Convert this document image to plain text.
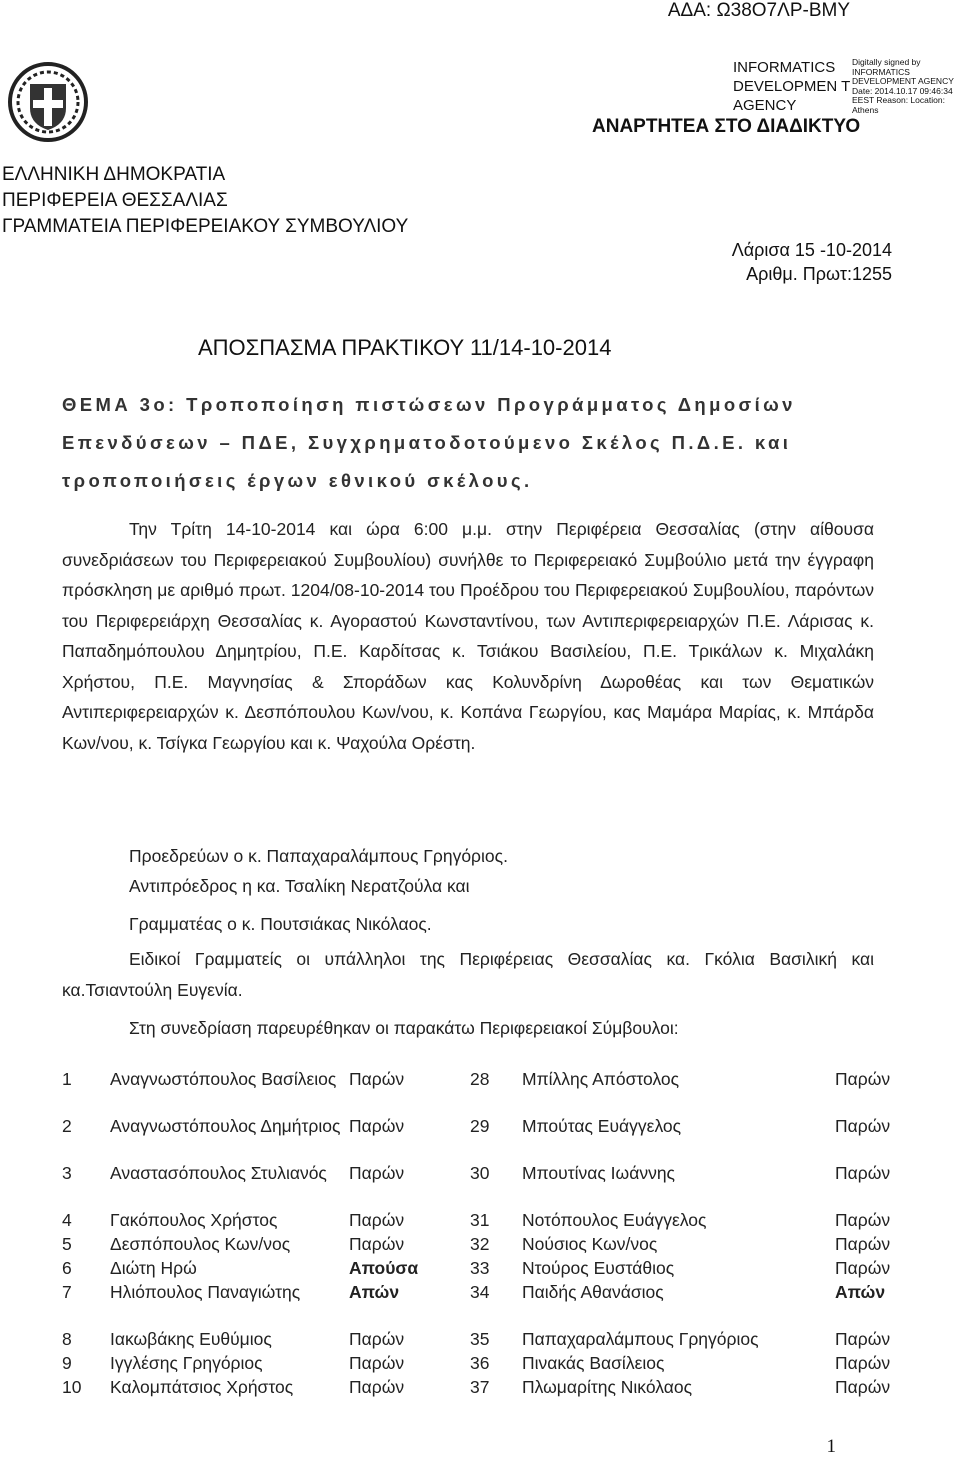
ΑΔΑ: Ω38Ο7ΛΡ-ΒΜΥ
INFORMATICS DEVELOPMEN T AGENCY
Digitally signed by INFORMATICS DEVELOPMENT AGENCY Date: 2014.10.17 09:46:34 EEST Reason: Location: Athens
ΑΝΑΡΤΗΤΕΑ ΣΤΟ ΔΙΑΔΙΚΤΥΟ
ΕΛΛΗΝΙΚΗ ΔΗΜΟΚΡΑΤΙΑ
ΠΕΡΙΦΕΡΕΙΑ ΘΕΣΣΑΛΙΑΣ
ΓΡΑΜΜΑΤΕΙΑ ΠΕΡΙΦΕΡΕΙΑΚΟΥ ΣΥΜΒΟΥΛΙΟΥ
Λάρισα 15 -10-2014
Αριθμ. Πρωτ:1255
ΑΠΟΣΠΑΣΜΑ ΠΡΑΚΤΙΚΟΥ 11/14-10-2014
ΘΕΜΑ 3ο: Τροποποίηση πιστώσεων Προγράμματος Δημοσίων
Επενδύσεων – ΠΔΕ, Συγχρηματοδοτούμενο Σκέλος Π.Δ.Ε. και
τροποποιήσεις έργων εθνικού σκέλους.

Την Τρίτη 14-10-2014 και ώρα 6:00 μ.μ. στην Περιφέρεια Θεσσαλίας (στην αίθουσα συνεδριάσεων του Περιφερειακού Συμβουλίου) συνήλθε το Περιφερειακό Συμβούλιο μετά την έγγραφη πρόσκληση με αριθμό πρωτ. 1204/08-10-2014 του Προέδρου του Περιφερειακού Συμβουλίου, παρόντων του Περιφερειάρχη Θεσσαλίας κ. Αγοραστού Κωνσταντίνου, των Αντιπεριφερειαρχών Π.Ε. Λάρισας κ. Παπαδημόπουλου Δημητρίου, Π.Ε. Καρδίτσας κ. Τσιάκου Βασιλείου, Π.Ε. Τρικάλων κ. Μιχαλάκη Χρήστου, Π.Ε. Μαγνησίας & Σποράδων κας Κολυνδρίνη Δωροθέας και των Θεματικών Αντιπεριφερειαρχών κ. Δεσπόπουλου Κων/νου, κ. Κοπάνα Γεωργίου, κας Μαμάρα Μαρίας, κ. Μπάρδα Κων/νου, κ. Τσίγκα Γεωργίου και κ. Ψαχούλα Ορέστη.

Προεδρεύων ο κ. Παπαχαραλάμπους Γρηγόριος.
Αντιπρόεδρος η κα. Τσαλίκη Νερατζούλα και
Γραμματέας ο κ. Πουτσιάκας Νικόλαος.

Ειδικοί Γραμματείς οι υπάλληλοι της Περιφέρειας Θεσσαλίας κα. Γκόλια Βασιλική και κα.Τσιαντούλη Ευγενία.

Στη συνεδρίαση παρευρέθηκαν οι παρακάτω Περιφερειακοί Σύμβουλοι:
1 Αναγνωστόπουλος Βασίλειος Παρών	28 Μπίλλης Απόστολος	Παρών
2 Αναγνωστόπουλος Δημήτριος Παρών	29 Μπούτας Ευάγγελος	Παρών
3 Αναστασόπουλος Στυλιανός	Παρών	30 Μπουτίνας Ιωάννης	Παρών
4 Γακόπουλος Χρήστος	Παρών	31 Νοτόπουλος Ευάγγελος	Παρών
5 Δεσπόπουλος Κων/νος	Παρών	32 Νούσιος Κων/νος	Παρών
6 Διώτη Ηρώ	Απούσα	33 Ντούρος Ευστάθιος	Παρών
7 Ηλιόπουλος Παναγιώτης	Απών	34 Παιδής Αθανάσιος	Απών
8 Ιακωβάκης Ευθύμιος	Παρών	35 Παπαχαραλάμπους Γρηγόριος	Παρών
9 Ιγγλέσης Γρηγόριος	Παρών	36 Πινακάς Βασίλειος	Παρών
10 Καλομπάτσιος Χρήστος	Παρών	37 Πλωμαρίτης Νικόλαος	Παρών
1
